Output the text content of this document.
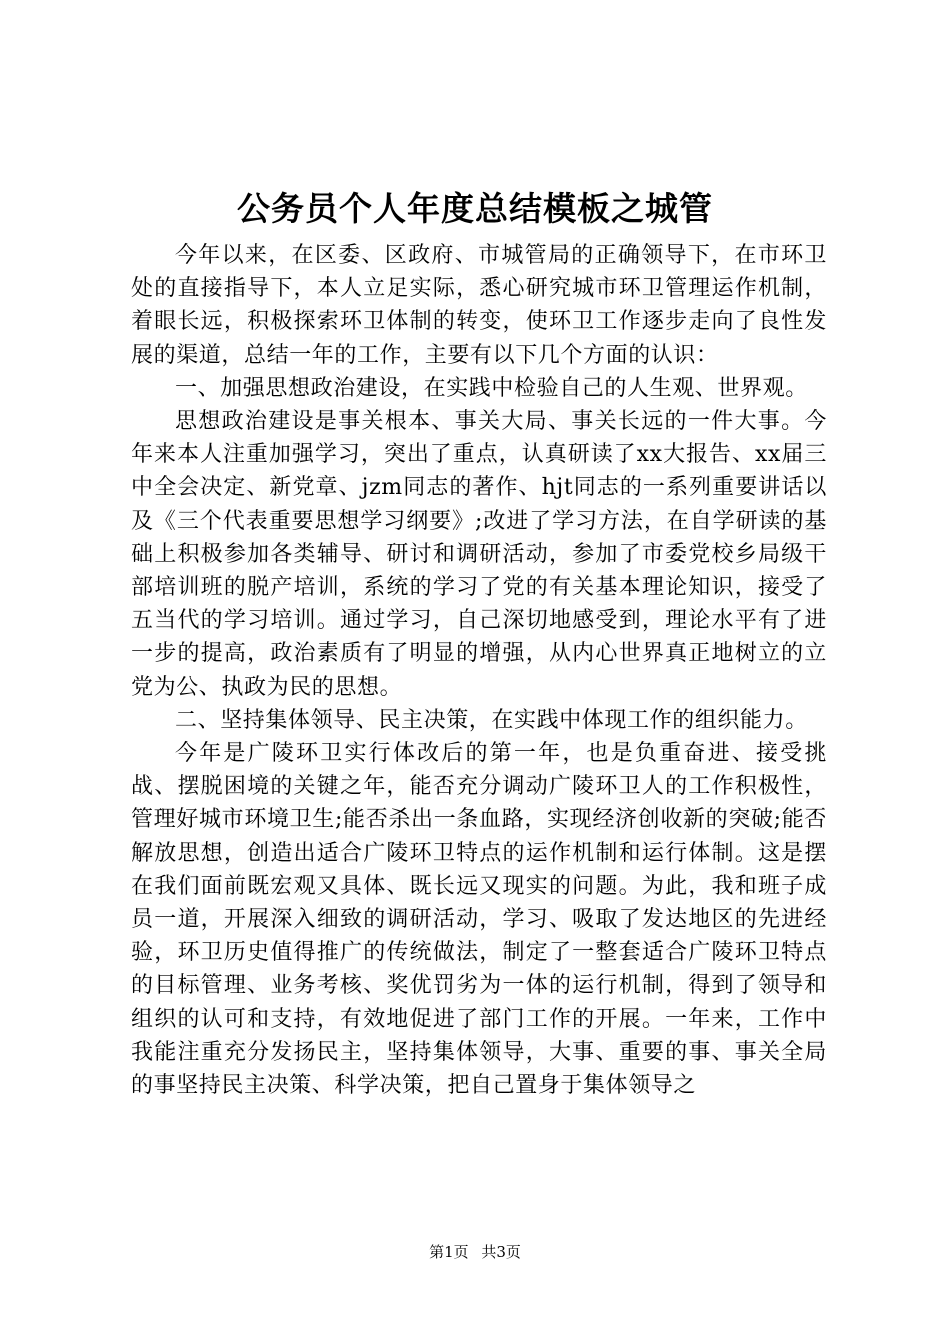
公务员个人年度总结模板之城管

今年以来，在区委、区政府、市城管局的正确领导下，在市环卫处的直接指导下，本人立足实际，悉心研究城市环卫管理运作机制，着眼长远，积极探索环卫体制的转变，使环卫工作逐步走向了良性发展的渠道，总结一年的工作，主要有以下几个方面的认识：

一、加强思想政治建设，在实践中检验自己的人生观、世界观。

思想政治建设是事关根本、事关大局、事关长远的一件大事。今年来本人注重加强学习，突出了重点，认真研读了xx大报告、xx届三中全会决定、新党章、jzm同志的著作、hjt同志的一系列重要讲话以及《三个代表重要思想学习纲要》;改进了学习方法，在自学研读的基础上积极参加各类辅导、研讨和调研活动，参加了市委党校乡局级干部培训班的脱产培训，系统的学习了党的有关基本理论知识，接受了五当代的学习培训。通过学习，自己深切地感受到，理论水平有了进一步的提高，政治素质有了明显的增强，从内心世界真正地树立的立党为公、执政为民的思想。

二、坚持集体领导、民主决策，在实践中体现工作的组织能力。

今年是广陵环卫实行体改后的第一年，也是负重奋进、接受挑战、摆脱困境的关键之年，能否充分调动广陵环卫人的工作积极性，管理好城市环境卫生;能否杀出一条血路，实现经济创收新的突破;能否解放思想，创造出适合广陵环卫特点的运作机制和运行体制。这是摆在我们面前既宏观又具体、既长远又现实的问题。为此，我和班子成员一道，开展深入细致的调研活动，学习、吸取了发达地区的先进经验，环卫历史值得推广的传统做法，制定了一整套适合广陵环卫特点的目标管理、业务考核、奖优罚劣为一体的运行机制，得到了领导和组织的认可和支持，有效地促进了部门工作的开展。一年来，工作中我能注重充分发扬民主，坚持集体领导，大事、重要的事、事关全局的事坚持民主决策、科学决策，把自己置身于集体领导之

第1页 共3页
